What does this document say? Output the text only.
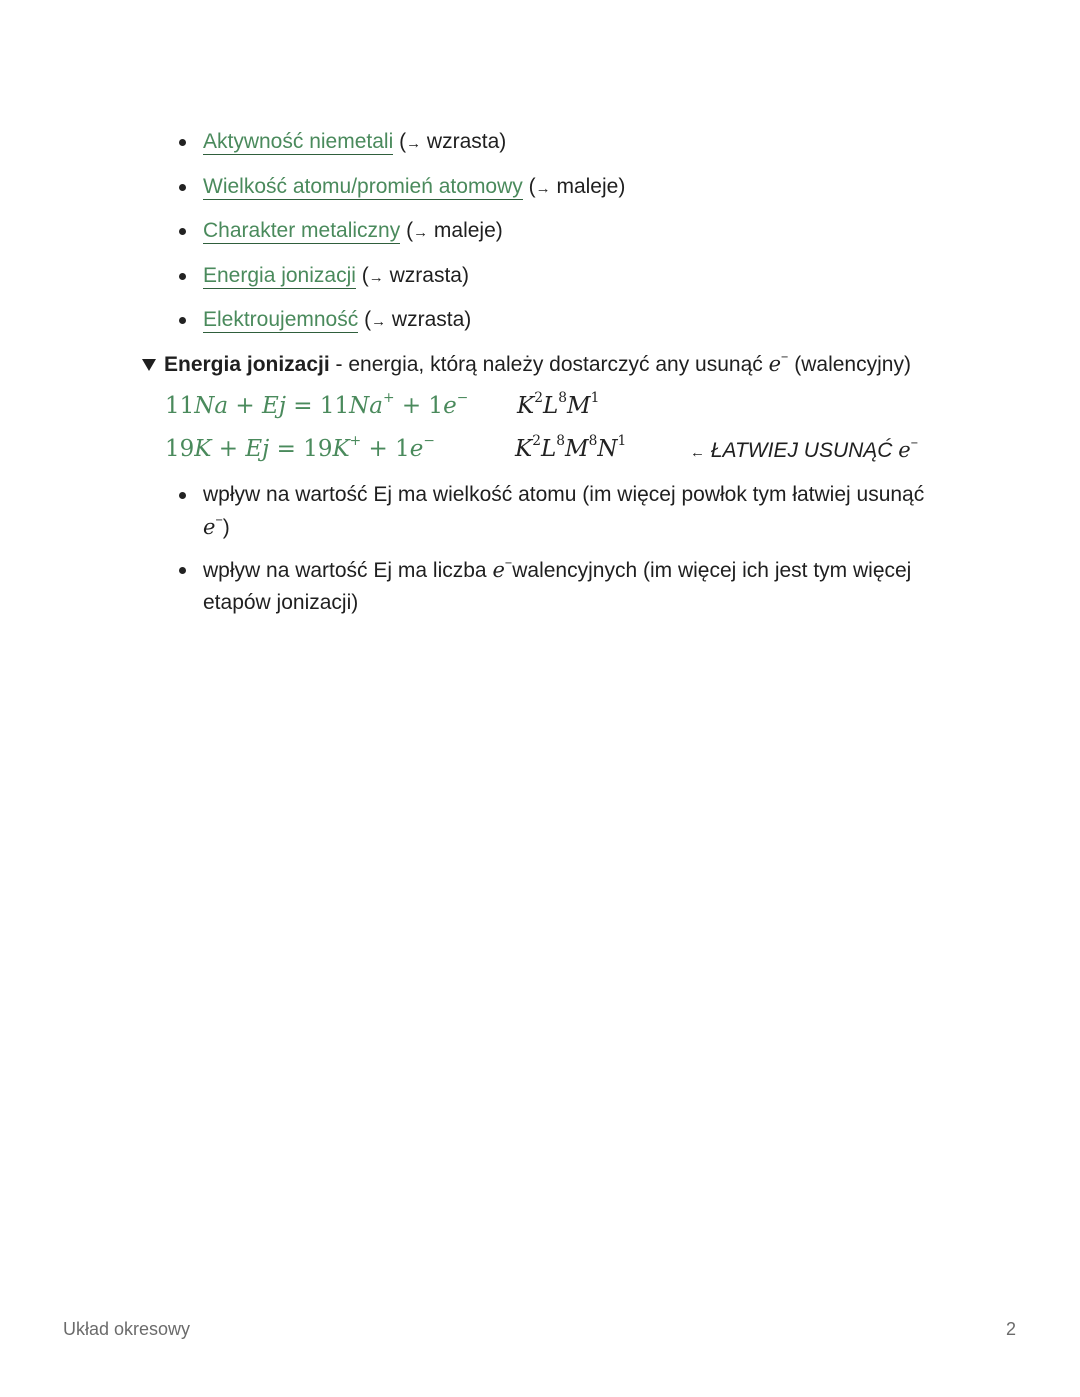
Aktywność niemetali (→ wzrasta)
Wielkość atomu/promień atomowy (→ maleje)
Charakter metaliczny (→ maleje)
Energia jonizacji (→ wzrasta)
Elektroujemność (→ wzrasta)
Energia jonizacji - energia, którą należy dostarczyć any usunąć e− (walencyjny)
11Na + Ej = 11Na+ + 1e− $K^2L^8M^1$
19K + Ej = 19K+ + 1e−	$K^2L^8M^8N^1$
← ŁATWIEJ USUNĄĆ e−
wpływ na wartość Ej ma wielkość atomu (im więcej powłok tym łatwiej usunąć
e−)
wpływ na wartość Ej ma liczba e−walencyjnych (im więcej ich jest tym więcej
etapów jonizacji)
Układ okresowy	2
